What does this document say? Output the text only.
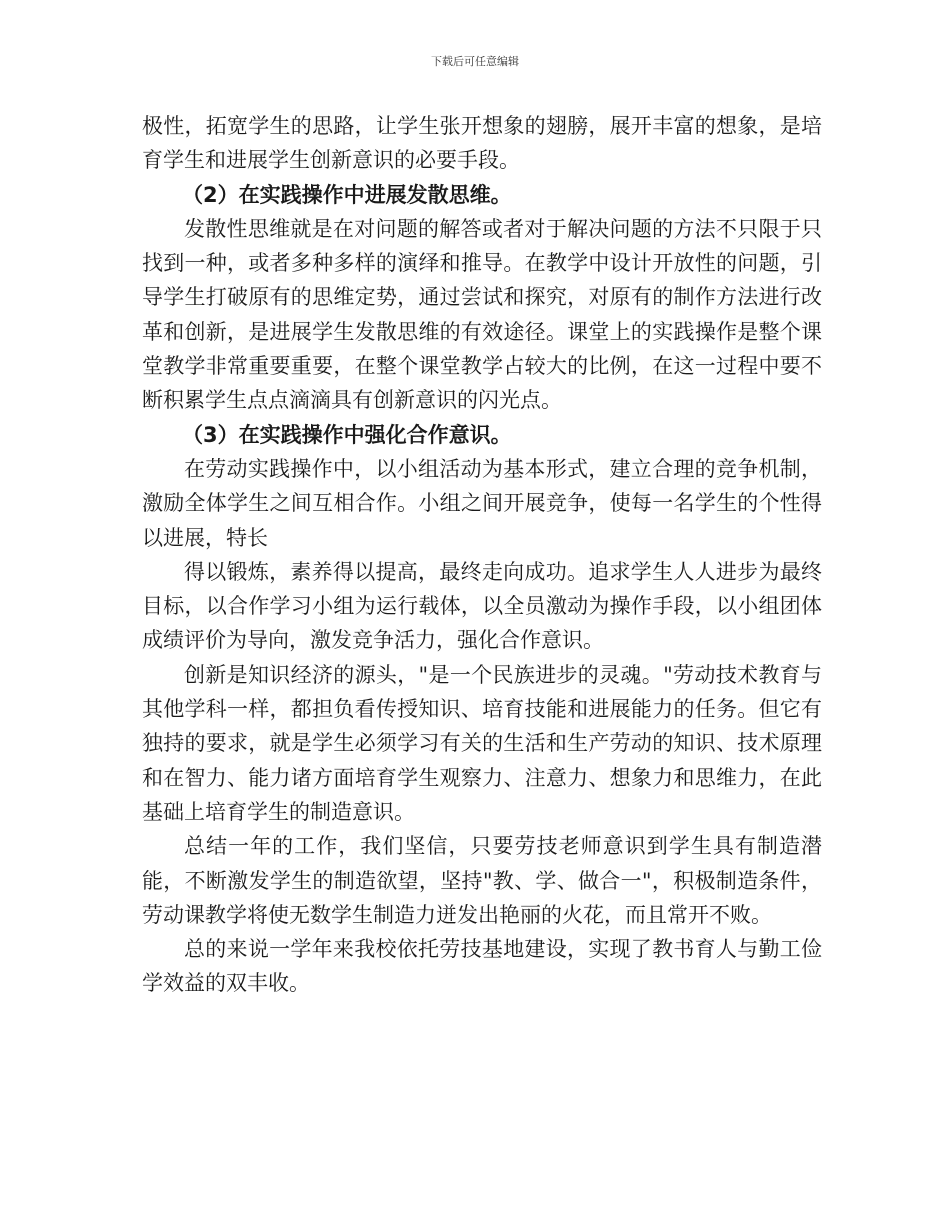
下载后可任意编辑

极性，拓宽学生的思路，让学生张开想象的翅膀，展开丰富的想象，是培育学生和进展学生创新意识的必要手段。

（2）在实践操作中进展发散思维。

发散性思维就是在对问题的解答或者对于解决问题的方法不只限于只找到一种，或者多种多样的演绎和推导。在教学中设计开放性的问题，引导学生打破原有的思维定势，通过尝试和探究，对原有的制作方法进行改革和创新，是进展学生发散思维的有效途径。课堂上的实践操作是整个课堂教学非常重要重要，在整个课堂教学占较大的比例，在这一过程中要不断积累学生点点滴滴具有创新意识的闪光点。

（3）在实践操作中强化合作意识。

在劳动实践操作中，以小组活动为基本形式，建立合理的竞争机制，激励全体学生之间互相合作。小组之间开展竞争，使每一名学生的个性得以进展，特长

得以锻炼，素养得以提高，最终走向成功。追求学生人人进步为最终目标，以合作学习小组为运行载体，以全员激动为操作手段，以小组团体成绩评价为导向，激发竞争活力，强化合作意识。

创新是知识经济的源头，"是一个民族进步的灵魂。"劳动技术教育与其他学科一样，都担负看传授知识、培育技能和进展能力的任务。但它有独持的要求，就是学生必须学习有关的生活和生产劳动的知识、技术原理和在智力、能力诸方面培育学生观察力、注意力、想象力和思维力，在此基础上培育学生的制造意识。

总结一年的工作，我们坚信，只要劳技老师意识到学生具有制造潜能，不断激发学生的制造欲望，坚持"教、学、做合一"，积极制造条件，劳动课教学将使无数学生制造力迸发出艳丽的火花，而且常开不败。

总的来说一学年来我校依托劳技基地建设，实现了教书育人与勤工俭学效益的双丰收。
